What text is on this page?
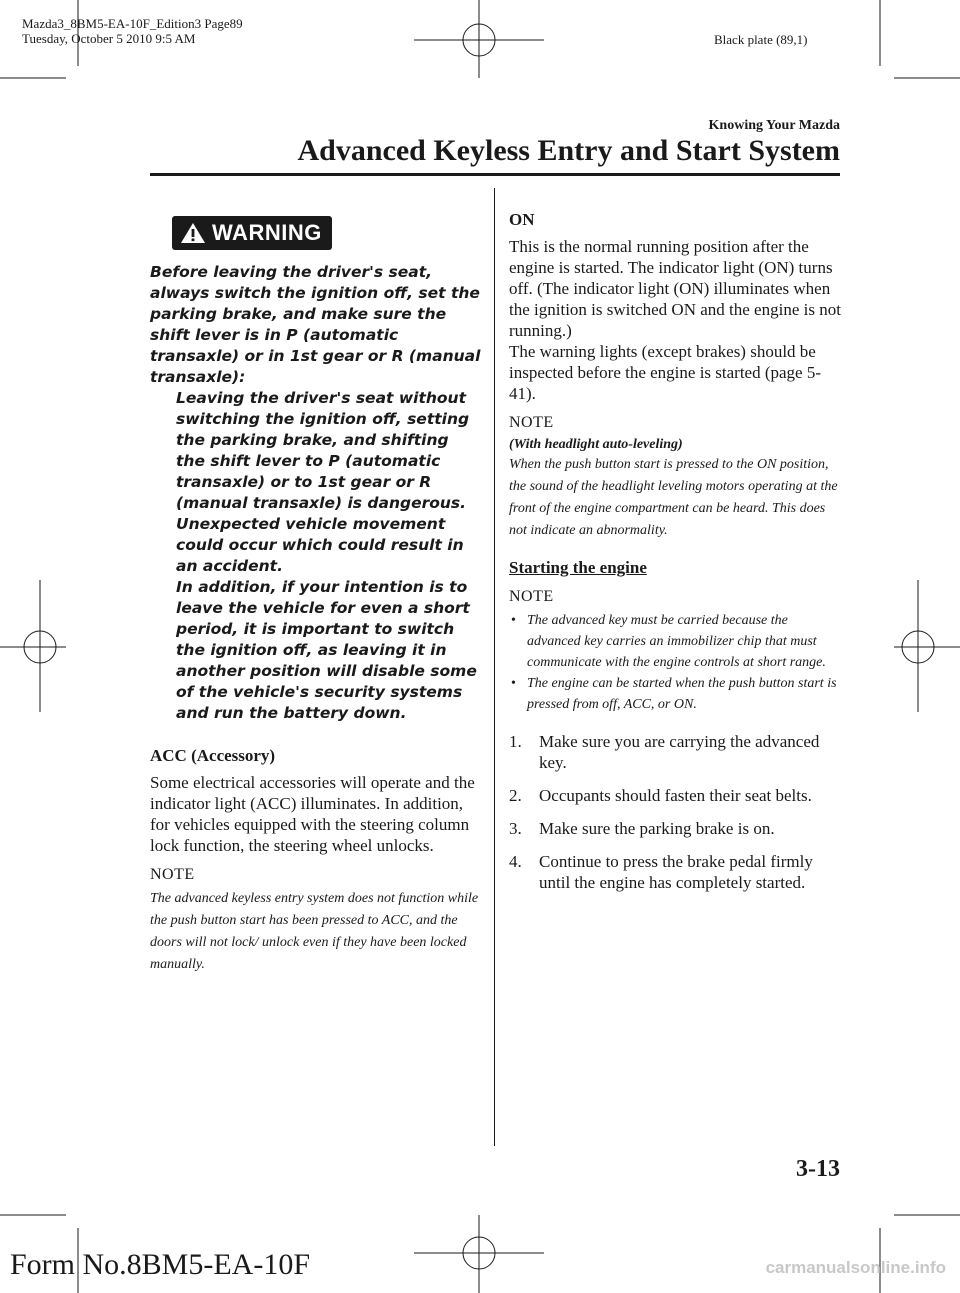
Mazda3_8BM5-EA-10F_Edition3 Page89
Tuesday, October 5 2010 9:5 AM	Black plate (89,1)
Knowing Your Mazda
Advanced Keyless Entry and Start System
WARNING

Before leaving the driver's seat, always switch the ignition off, set the parking brake, and make sure the shift lever is in P (automatic transaxle) or in 1st gear or R (manual transaxle):

Leaving the driver's seat without switching the ignition off, setting the parking brake, and shifting the shift lever to P (automatic transaxle) or to 1st gear or R (manual transaxle) is dangerous. Unexpected vehicle movement could occur which could result in an accident.

In addition, if your intention is to leave the vehicle for even a short period, it is important to switch the ignition off, as leaving it in another position will disable some of the vehicle's security systems and run the battery down.

ACC (Accessory)

Some electrical accessories will operate and the indicator light (ACC) illuminates. In addition, for vehicles equipped with the steering column lock function, the steering wheel unlocks.

NOTE

The advanced keyless entry system does not function while the push button start has been pressed to ACC, and the doors will not lock/ unlock even if they have been locked manually.

ON

This is the normal running position after the engine is started. The indicator light (ON) turns off. (The indicator light (ON) illuminates when the ignition is switched ON and the engine is not running.)

The warning lights (except brakes) should be inspected before the engine is started (page 5-41).

NOTE

(With headlight auto-leveling)

When the push button start is pressed to the ON position, the sound of the headlight leveling motors operating at the front of the engine compartment can be heard. This does not indicate an abnormality.

Starting the engine
NOTE
• The advanced key must be carried because the advanced key carries an immobilizer chip that must communicate with the engine controls at short range.
• The engine can be started when the push button start is pressed from off, ACC, or ON.
1. Make sure you are carrying the advanced key.
2. Occupants should fasten their seat belts.
3. Make sure the parking brake is on.
4. Continue to press the brake pedal firmly until the engine has completely started.
3-13
Form No.8BM5-EA-10F	carmanualsonline.info
